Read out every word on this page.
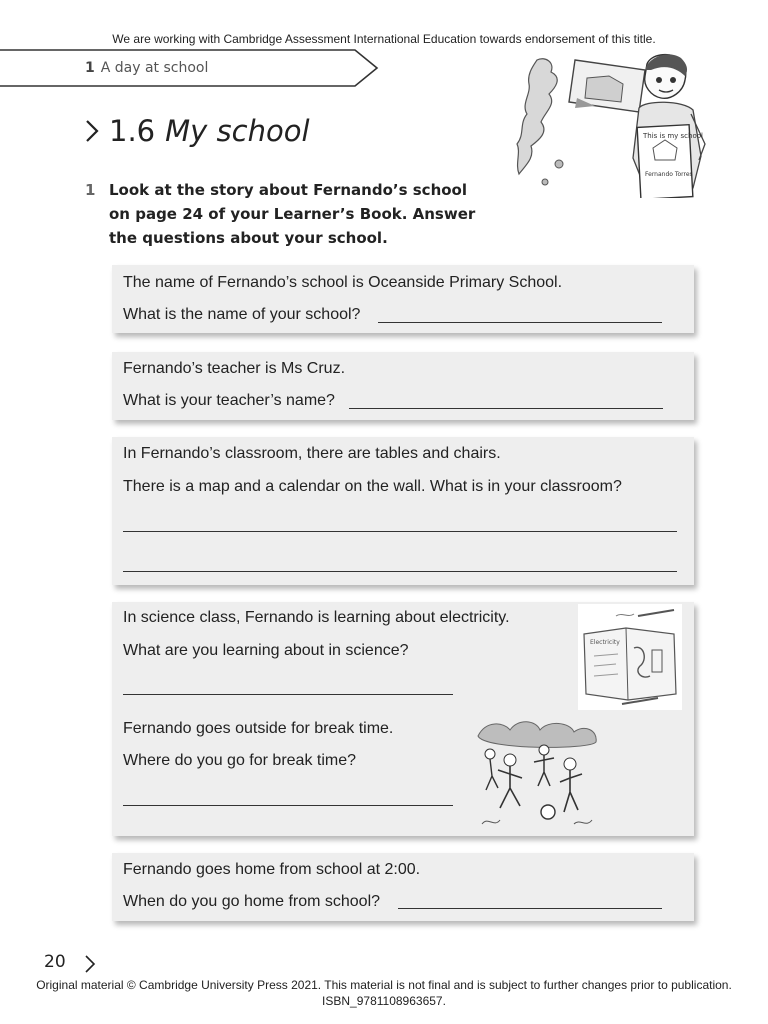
We are working with Cambridge Assessment International Education towards endorsement of this title.
1 A day at school
1.6 My school	This is my school
Fernando Torres
1 Look at the story about Fernando’s school on page 24 of your Learner’s Book. Answer the questions about your school.
The name of Fernando’s school is Oceanside Primary School.
What is the name of your school?
Fernando’s teacher is Ms Cruz.
What is your teacher’s name?
In Fernando’s classroom, there are tables and chairs.
There is a map and a calendar on the wall. What is in your classroom?
In science class, Fernando is learning about electricity.
What are you learning about in science?
Fernando goes outside for break time.
Where do you go for break time?
Electricity
Fernando goes home from school at 2:00.
When do you go home from school?
20
Original material © Cambridge University Press 2021. This material is not final and is subject to further changes prior to publication.
ISBN_9781108963657.
